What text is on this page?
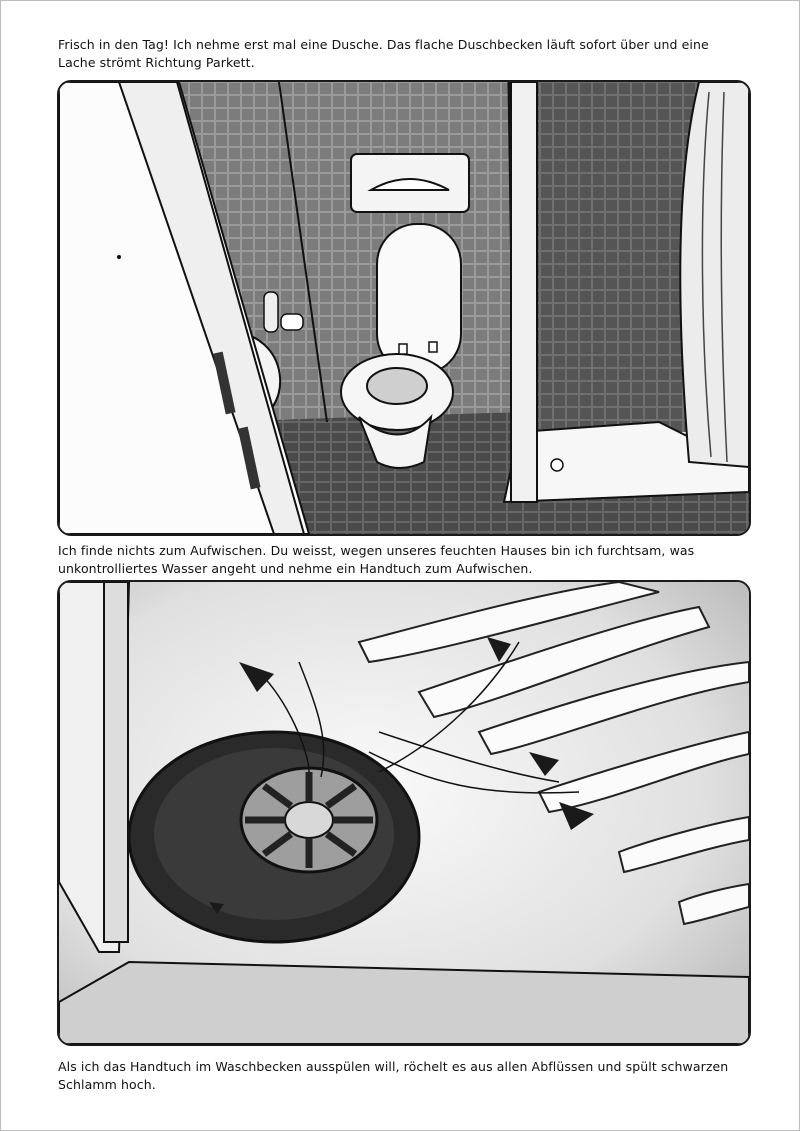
Frisch in den Tag! Ich nehme erst mal eine Dusche. Das flache Duschbecken läuft sofort über und eine Lache strömt Richtung Parkett.
Ich finde nichts zum Aufwischen. Du weisst, wegen unseres feuchten Hauses bin ich furchtsam, was unkontrolliertes Wasser angeht und nehme ein Handtuch zum Aufwischen.
Als ich das Handtuch im Waschbecken ausspülen will, röchelt es aus allen Abflüssen und spült schwarzen Schlamm hoch.
